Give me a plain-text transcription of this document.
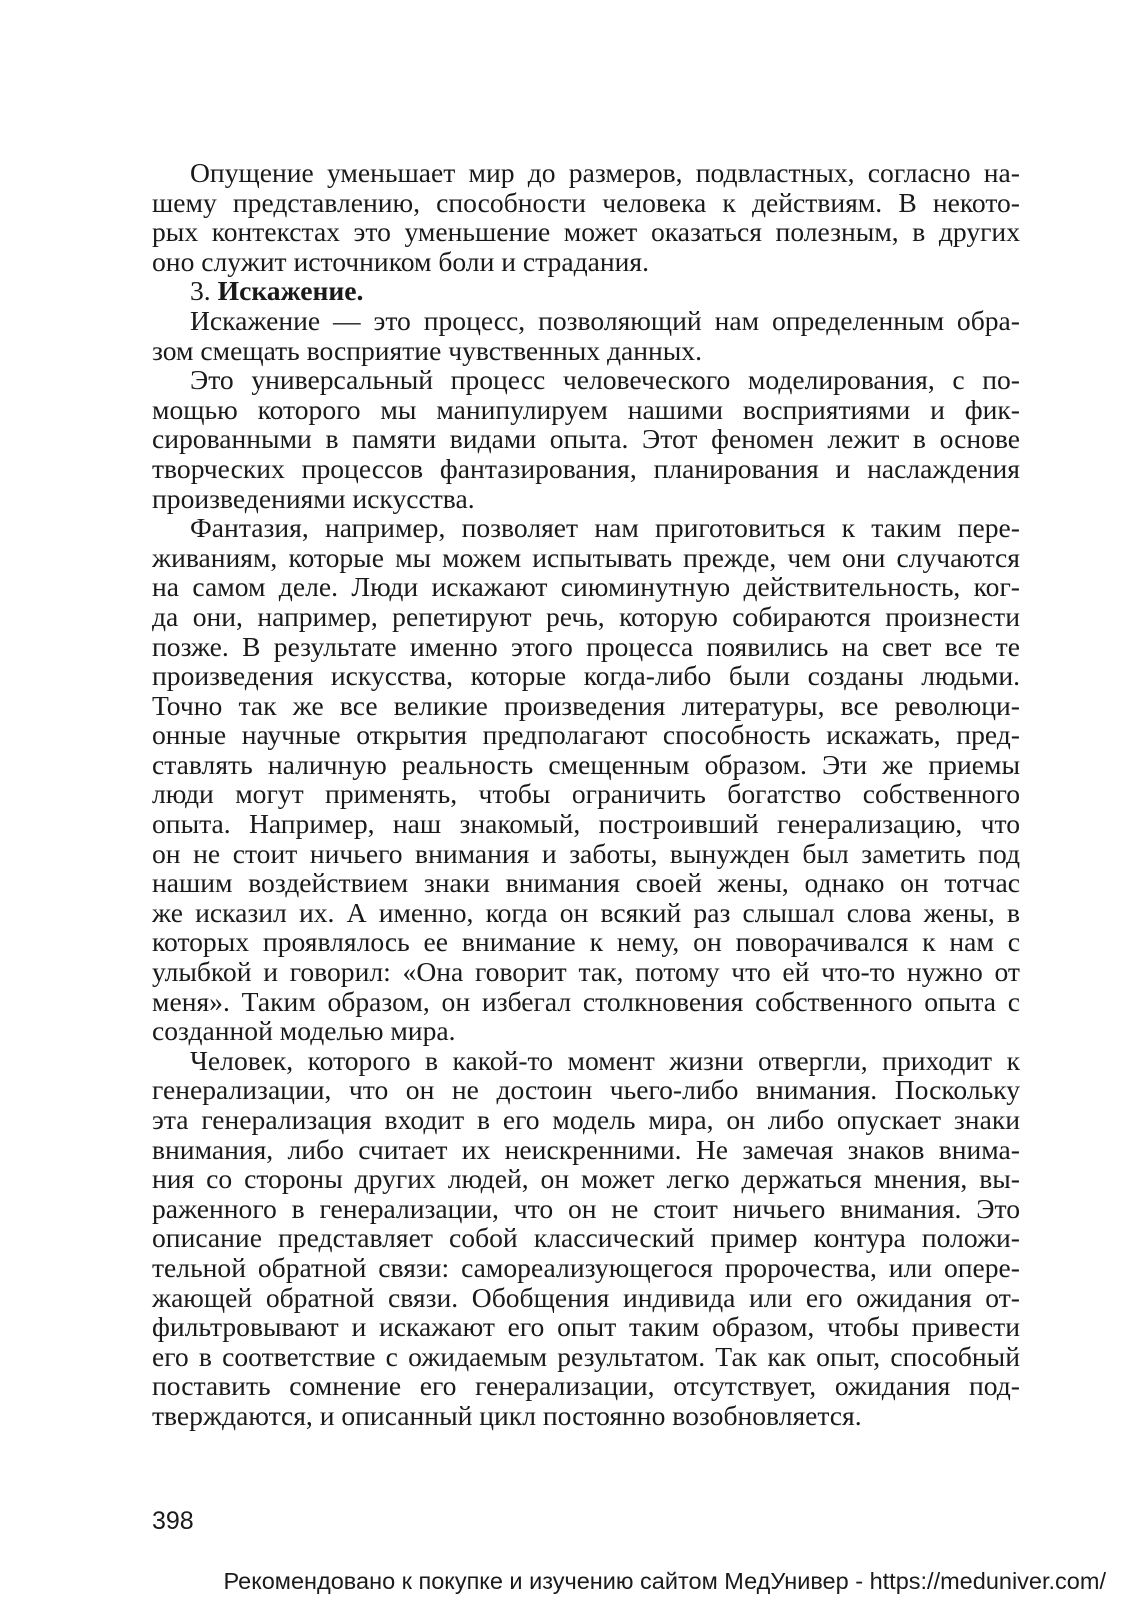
Опущение уменьшает мир до размеров, подвластных, согласно на-
шему представлению, способности человека к действиям. В некото-
рых контекстах это уменьшение может оказаться полезным, в других
оно служит источником боли и страдания.
3. Искажение.
Искажение — это процесс, позволяющий нам определенным обра-
зом смещать восприятие чувственных данных.
Это универсальный процесс человеческого моделирования, с по-
мощью которого мы манипулируем нашими восприятиями и фик-
сированными в памяти видами опыта. Этот феномен лежит в основе
творческих процессов фантазирования, планирования и наслаждения
произведениями искусства.
Фантазия, например, позволяет нам приготовиться к таким пере-
живаниям, которые мы можем испытывать прежде, чем они случаются
на самом деле. Люди искажают сиюминутную действительность, ког-
да они, например, репетируют речь, которую собираются произнести
позже. В результате именно этого процесса появились на свет все те
произведения искусства, которые когда-либо были созданы людьми.
Точно так же все великие произведения литературы, все революци-
онные научные открытия предполагают способность искажать, пред-
ставлять наличную реальность смещенным образом. Эти же приемы
люди могут применять, чтобы ограничить богатство собственного
опыта. Например, наш знакомый, построивший генерализацию, что
он не стоит ничьего внимания и заботы, вынужден был заметить под
нашим воздействием знаки внимания своей жены, однако он тотчас
же исказил их. А именно, когда он всякий раз слышал слова жены, в
которых проявлялось ее внимание к нему, он поворачивался к нам с
улыбкой и говорил: «Она говорит так, потому что ей что-то нужно от
меня». Таким образом, он избегал столкновения собственного опыта с
созданной моделью мира.
Человек, которого в какой-то момент жизни отвергли, приходит к
генерализации, что он не достоин чьего-либо внимания. Поскольку
эта генерализация входит в его модель мира, он либо опускает знаки
внимания, либо считает их неискренними. Не замечая знаков внима-
ния со стороны других людей, он может легко держаться мнения, вы-
раженного в генерализации, что он не стоит ничьего внимания. Это
описание представляет собой классический пример контура положи-
тельной обратной связи: самореализующегося пророчества, или опере-
жающей обратной связи. Обобщения индивида или его ожидания от-
фильтровывают и искажают его опыт таким образом, чтобы привести
его в соответствие с ожидаемым результатом. Так как опыт, способный
поставить сомнение его генерализации, отсутствует, ожидания под-
тверждаются, и описанный цикл постоянно возобновляется.
398
Рекомендовано к покупке и изучению сайтом МедУнивер - https://meduniver.com/
